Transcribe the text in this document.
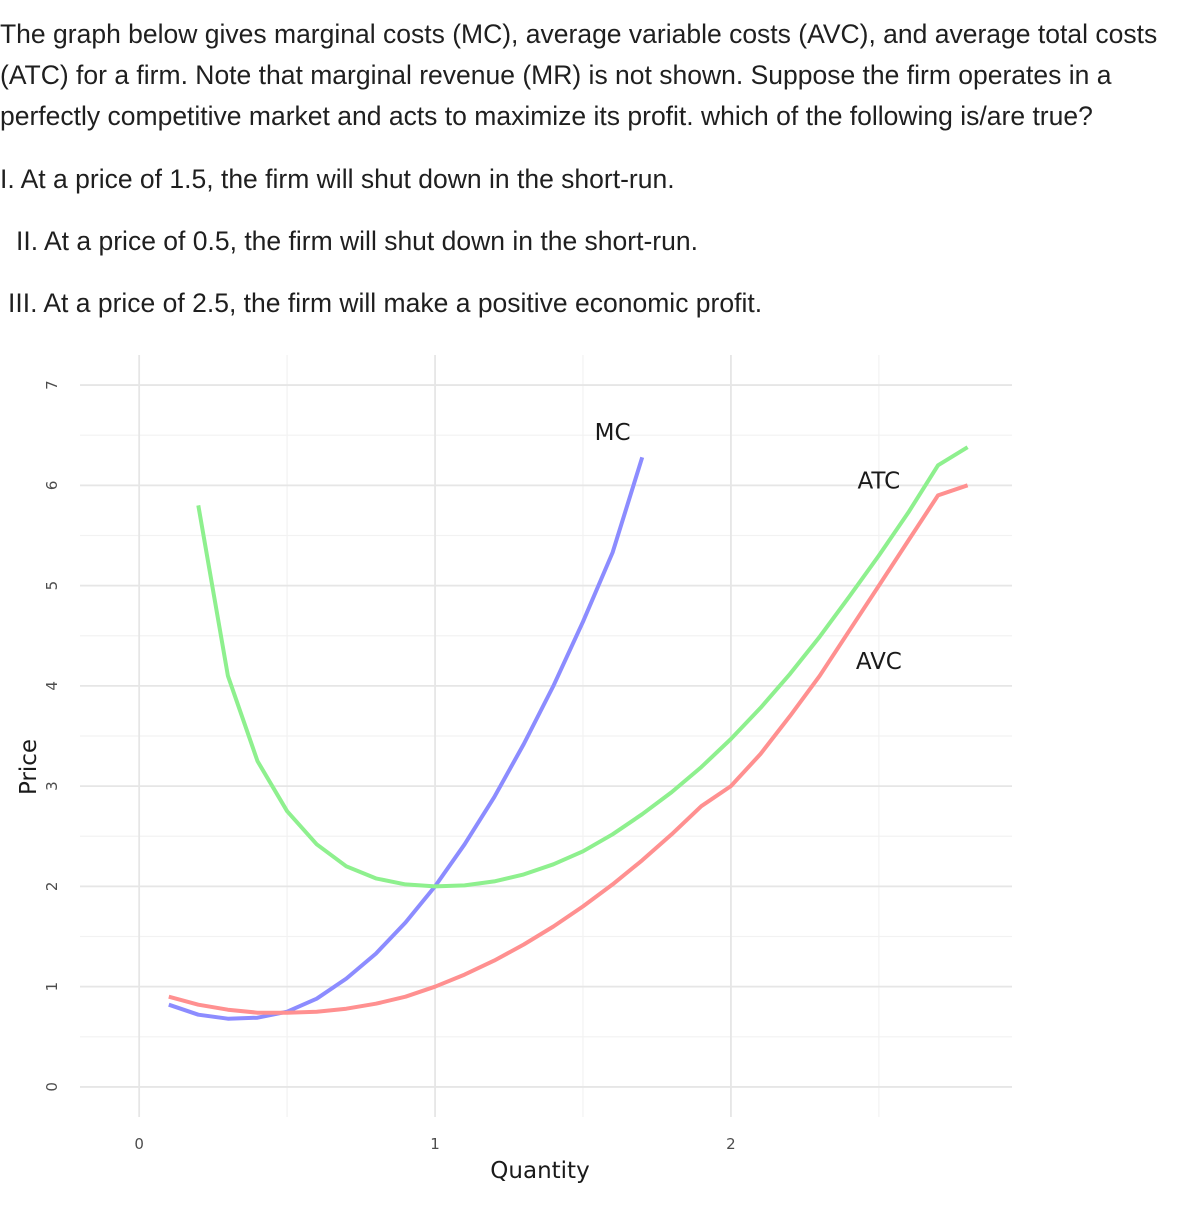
The graph below gives marginal costs (MC), average variable costs (AVC), and average total costs (ATC) for a firm. Note that marginal revenue (MR) is not shown. Suppose the firm operates in a perfectly competitive market and acts to maximize its profit. which of the following is/are true?

I. At a price of 1.5, the firm will shut down in the short-run.

II. At a price of 0.5, the firm will shut down in the short-run.

III. At a price of 2.5, the firm will make a positive economic profit.

0	1	2
0
1
2
3
4
5
6
7
MC
ATC
AVC
Quantity
Price
